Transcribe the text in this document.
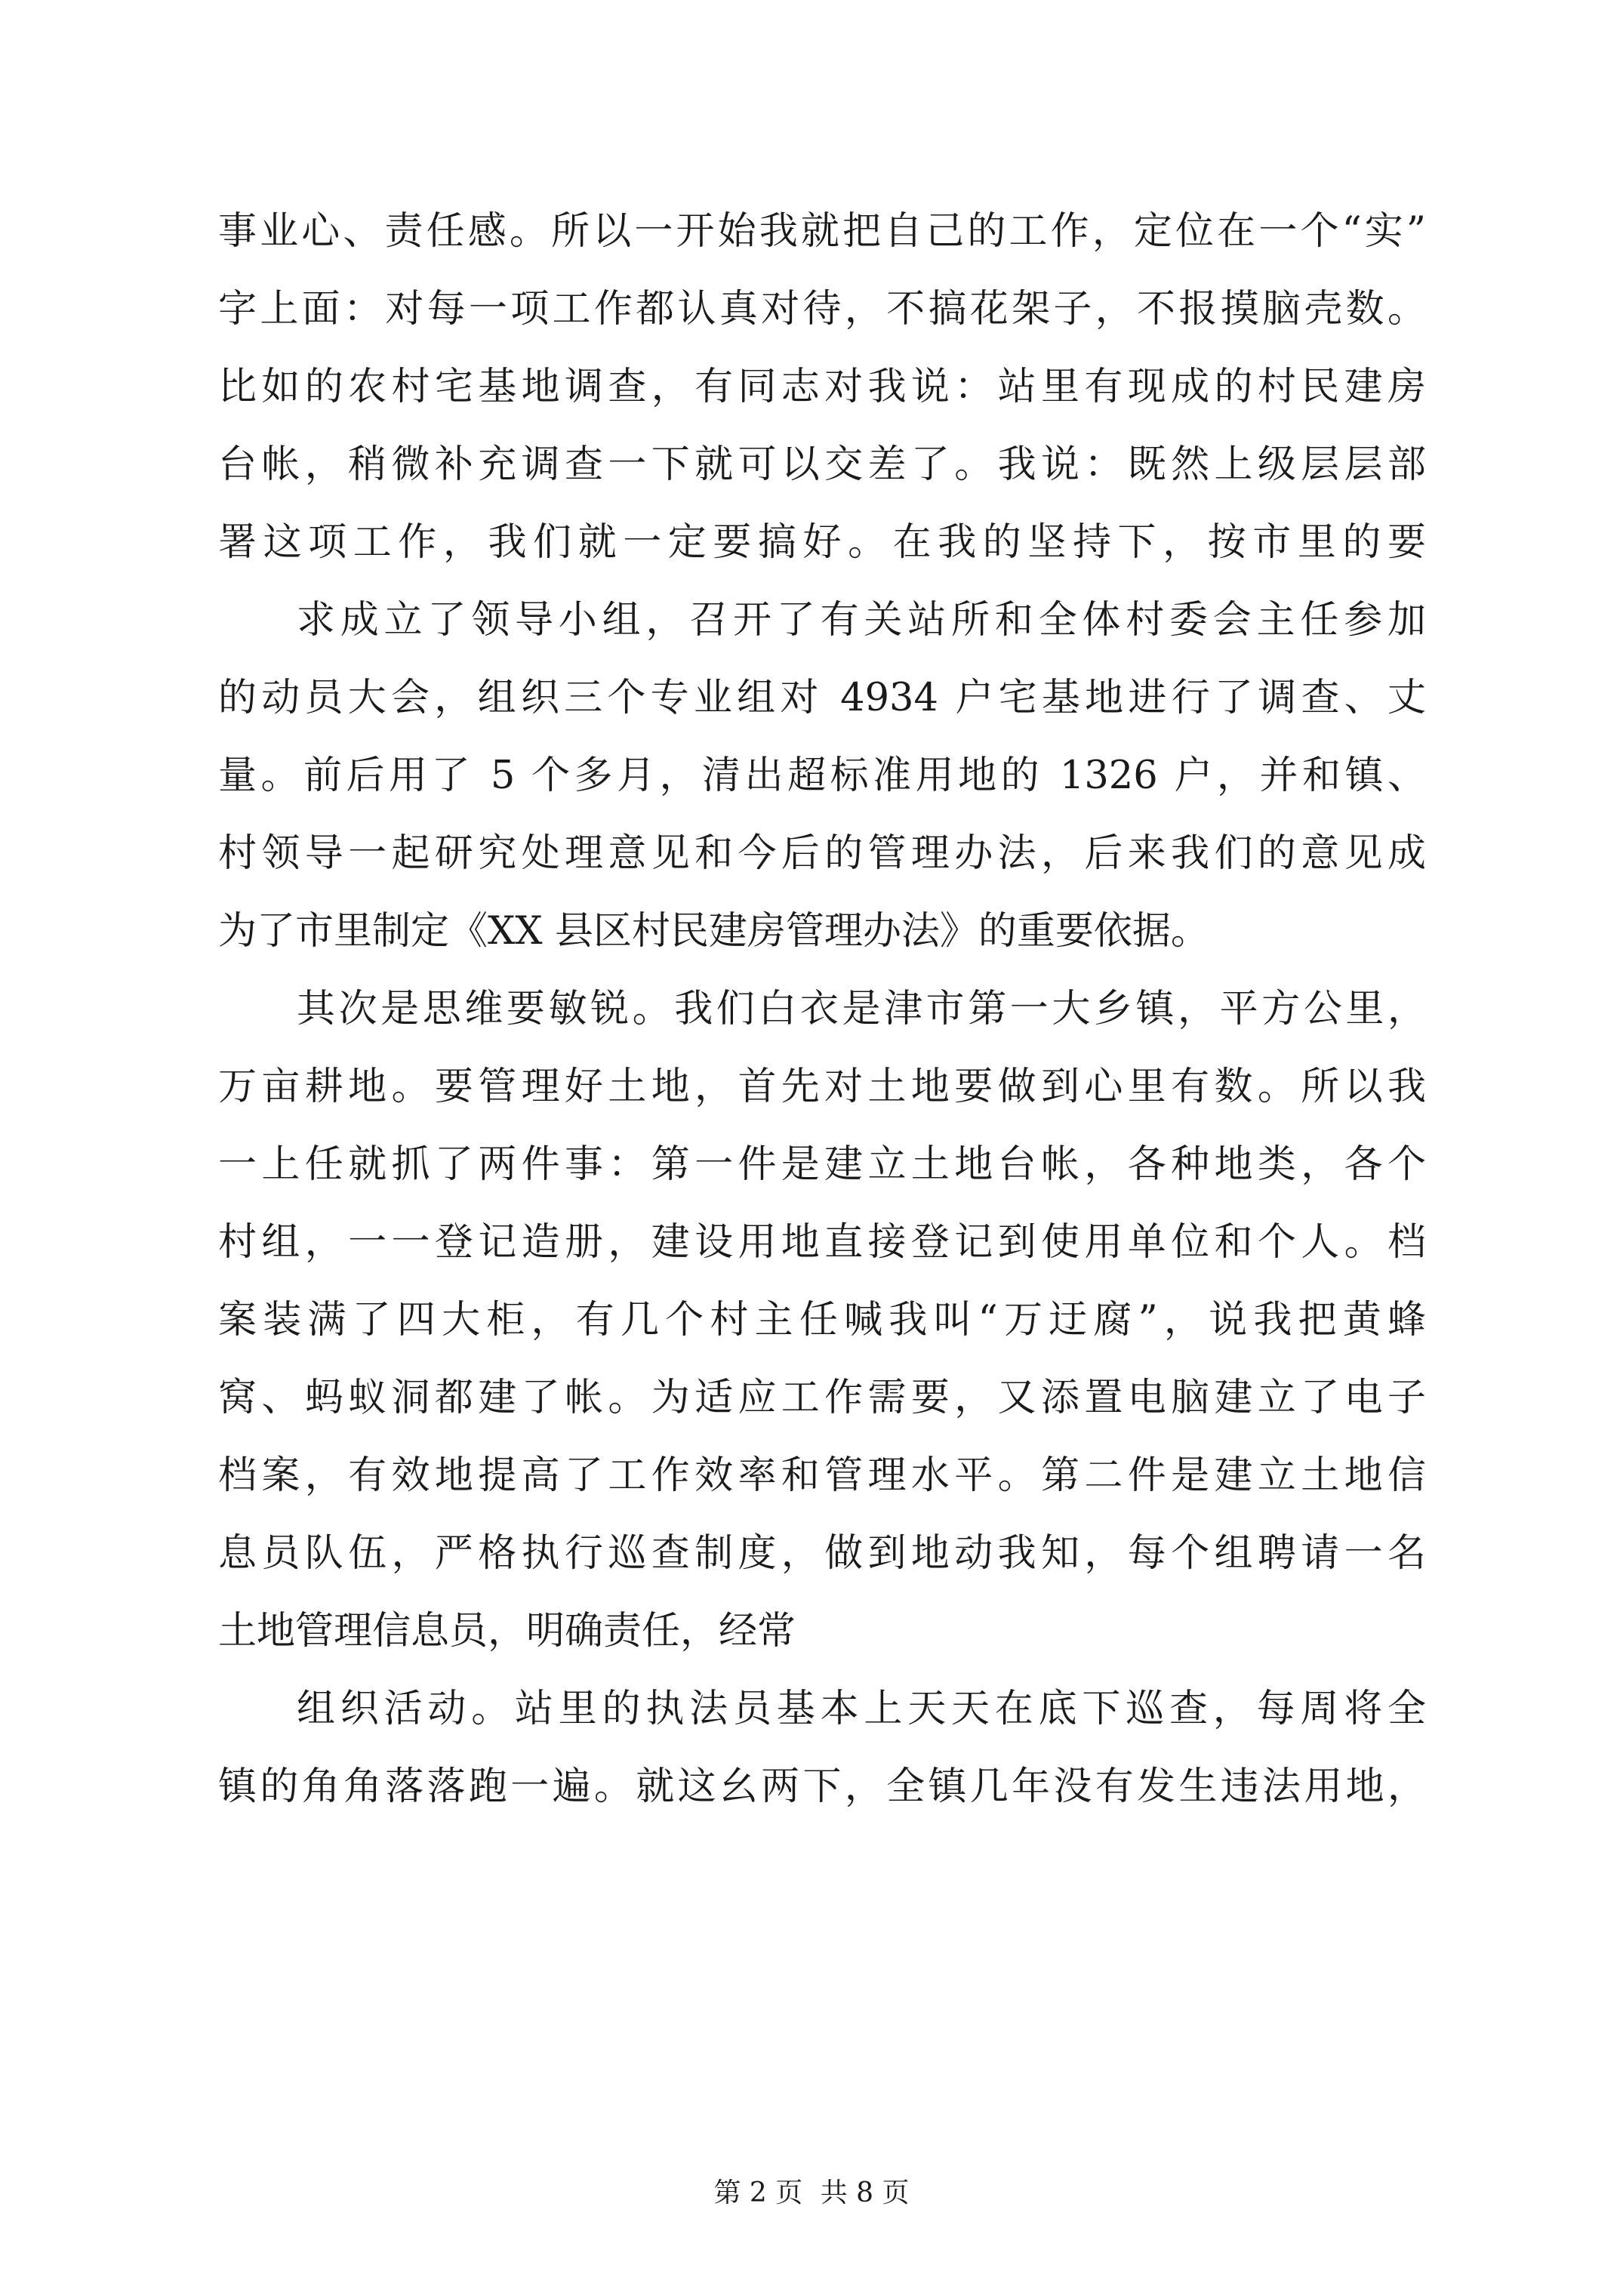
事业心、责任感。所以一开始我就把自己的工作，定位在一个“实”
字上面：对每一项工作都认真对待，不搞花架子，不报摸脑壳数。
比如的农村宅基地调查，有同志对我说：站里有现成的村民建房
台帐，稍微补充调查一下就可以交差了。我说：既然上级层层部
署这项工作，我们就一定要搞好。在我的坚持下，按市里的要
求成立了领导小组，召开了有关站所和全体村委会主任参加
的动员大会，组织三个专业组对 4934 户宅基地进行了调查、丈
量。前后用了 5 个多月，清出超标准用地的 1326 户，并和镇、
村领导一起研究处理意见和今后的管理办法，后来我们的意见成
为了市里制定《XX 县区村民建房管理办法》的重要依据。
其次是思维要敏锐。我们白衣是津市第一大乡镇，平方公里，
万亩耕地。要管理好土地，首先对土地要做到心里有数。所以我
一上任就抓了两件事：第一件是建立土地台帐，各种地类，各个
村组，一一登记造册，建设用地直接登记到使用单位和个人。档
案装满了四大柜，有几个村主任喊我叫“万迂腐”，说我把黄蜂
窝、蚂蚁洞都建了帐。为适应工作需要，又添置电脑建立了电子
档案，有效地提高了工作效率和管理水平。第二件是建立土地信
息员队伍，严格执行巡查制度，做到地动我知，每个组聘请一名
土地管理信息员，明确责任，经常
组织活动。站里的执法员基本上天天在底下巡查，每周将全
镇的角角落落跑一遍。就这幺两下，全镇几年没有发生违法用地，
第 2 页 共 8 页
